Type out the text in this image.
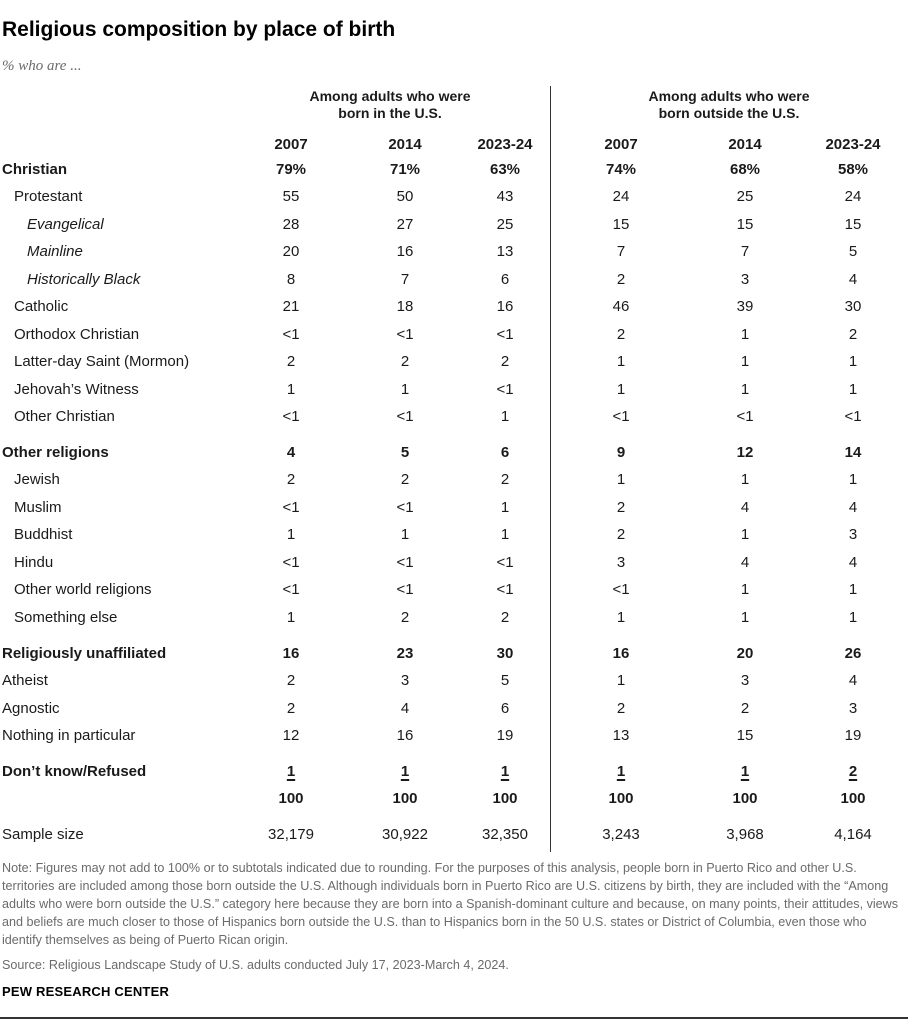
Religious composition by place of birth
% who are ...
Among adults who were
born in the U.S.
Among adults who were
born outside the U.S.
2007	2014	2023-24	2007	2014	2023-24
Christian	79%	71%	63%	74%	68%	58%
Protestant	55	50	43	24	25	24
Evangelical	28	27	25	15	15	15
Mainline	20	16	13	7	7	5
Historically Black	8	7	6	2	3	4
Catholic	21	18	16	46	39	30
Orthodox Christian	<1	<1	<1	2	1	2
Latter-day Saint (Mormon)	2	2	2	1	1	1
Jehovah’s Witness	1	1	<1	1	1	1
Other Christian	<1	<1	1	<1	<1	<1
Other religions	4	5	6	9	12	14
Jewish	2	2	2	1	1	1
Muslim	<1	<1	1	2	4	4
Buddhist	1	1	1	2	1	3
Hindu	<1	<1	<1	3	4	4
Other world religions	<1	<1	<1	<1	1	1
Something else	1	2	2	1	1	1
Religiously unaffiliated	16	23	30	16	20	26
Atheist	2	3	5	1	3	4
Agnostic	2	4	6	2	2	3
Nothing in particular	12	16	19	13	15	19
Don’t know/Refused	1	1	1	1	1	2
100	100	100	100	100	100
Sample size	32,179	30,922	32,350	3,243	3,968	4,164
Note: Figures may not add to 100% or to subtotals indicated due to rounding. For the purposes of this analysis, people born in Puerto Rico and other U.S. territories are included among those born outside the U.S. Although individuals born in Puerto Rico are U.S. citizens by birth, they are included with the “Among adults who were born outside the U.S.” category here because they are born into a Spanish-dominant culture and because, on many points, their attitudes, views and beliefs are much closer to those of Hispanics born outside the U.S. than to Hispanics born in the 50 U.S. states or District of Columbia, even those who identify themselves as being of Puerto Rican origin.
Source: Religious Landscape Study of U.S. adults conducted July 17, 2023-March 4, 2024.
PEW RESEARCH CENTER
